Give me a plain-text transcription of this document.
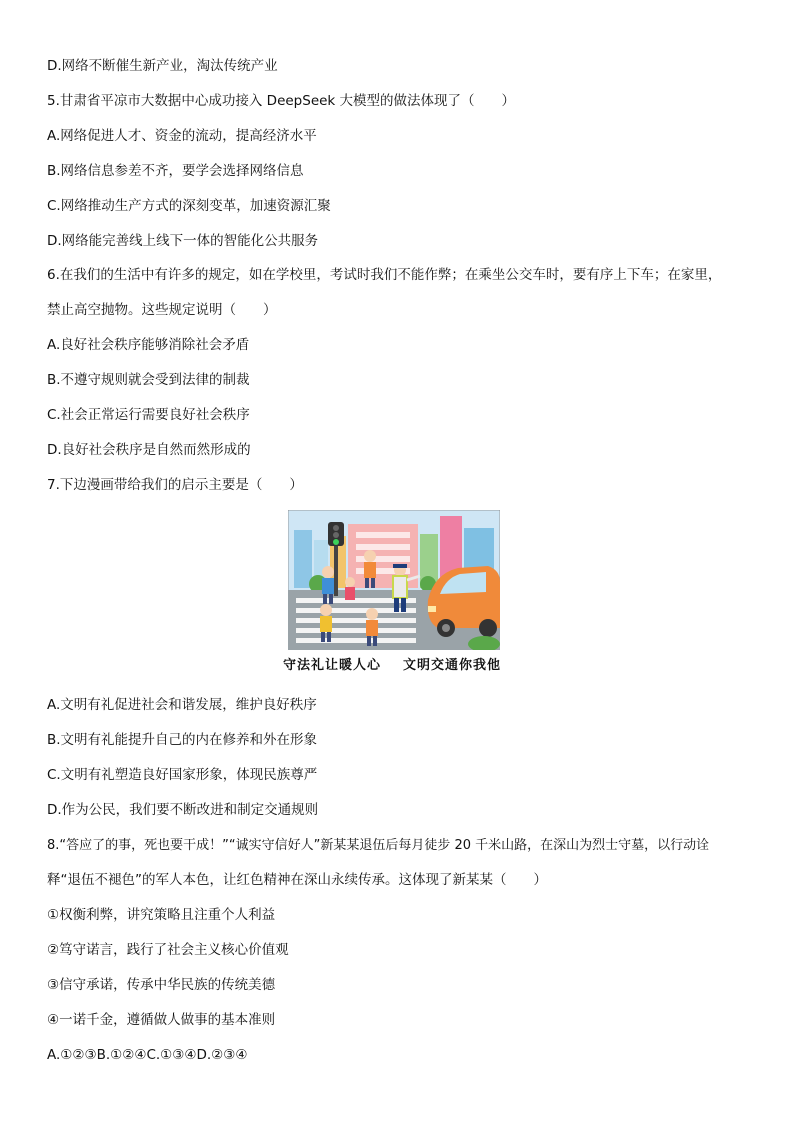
D.网络不断催生新产业，淘汰传统产业
5.甘肃省平凉市大数据中心成功接入 DeepSeek 大模型的做法体现了（　　）
A.网络促进人才、资金的流动，提高经济水平
B.网络信息参差不齐，要学会选择网络信息
C.网络推动生产方式的深刻变革，加速资源汇聚
D.网络能完善线上线下一体的智能化公共服务
6.在我们的生活中有许多的规定，如在学校里，考试时我们不能作弊；在乘坐公交车时，要有序上下车；在家里，
禁止高空抛物。这些规定说明（　　）
A.良好社会秩序能够消除社会矛盾
B.不遵守规则就会受到法律的制裁
C.社会正常运行需要良好社会秩序
D.良好社会秩序是自然而然形成的
7.下边漫画带给我们的启示主要是（　　）
守法礼让暖人心 文明交通你我他
A.文明有礼促进社会和谐发展，维护良好秩序
B.文明有礼能提升自己的内在修养和外在形象
C.文明有礼塑造良好国家形象，体现民族尊严
D.作为公民，我们要不断改进和制定交通规则
8.“答应了的事，死也要干成！”“诚实守信好人”新某某退伍后每月徒步 20 千米山路，在深山为烈士守墓，以行动诠
释“退伍不褪色”的军人本色，让红色精神在深山永续传承。这体现了新某某（　　）
①权衡利弊，讲究策略且注重个人利益
②笃守诺言，践行了社会主义核心价值观
③信守承诺，传承中华民族的传统美德
④一诺千金，遵循做人做事的基本准则
A.①②③B.①②④C.①③④D.②③④
